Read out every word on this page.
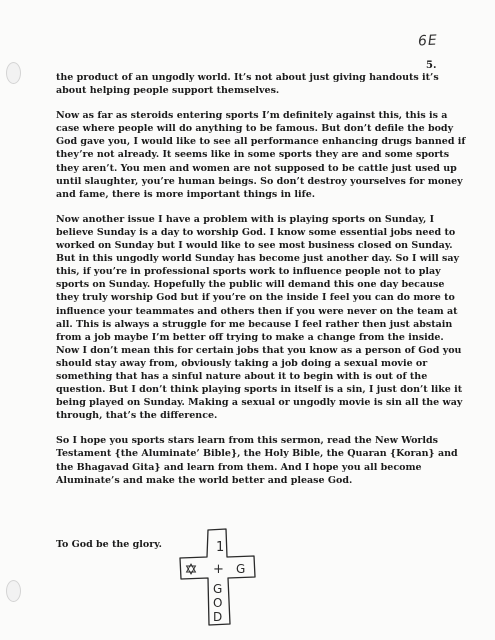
6E
5.

the product of an ungodly world. It’s not about just giving handouts it’s about helping people support themselves.

Now as far as steroids entering sports I’m definitely against this, this is a case where people will do anything to be famous. But don’t defile the body God gave you, I would like to see all performance enhancing drugs banned if they’re not already. It seems like in some sports they are and some sports they aren’t. You men and women are not supposed to be cattle just used up until slaughter, you’re human beings. So don’t destroy yourselves for money and fame, there is more important things in life.

Now another issue I have a problem with is playing sports on Sunday, I believe Sunday is a day to worship God. I know some essential jobs need to worked on Sunday but I would like to see most business closed on Sunday. But in this ungodly world Sunday has become just another day. So I will say this, if you’re in professional sports work to influence people not to play sports on Sunday. Hopefully the public will demand this one day because they truly worship God but if you’re on the inside I feel you can do more to influence your teammates and others then if you were never on the team at all. This is always a struggle for me because I feel rather then just abstain from a job maybe I’m better off trying to make a change from the inside. Now I don’t mean this for certain jobs that you know as a person of God you should stay away from, obviously taking a job doing a sexual movie or something that has a sinful nature about it to begin with is out of the question. But I don’t think playing sports in itself is a sin, I just don’t like it being played on Sunday. Making a sexual or ungodly movie is sin all the way through, that’s the difference.

So I hope you sports stars learn from this sermon, read the New Worlds Testament {the Aluminate’ Bible}, the Holy Bible, the Quaran {Koran} and the Bhagavad Gita} and learn from them. And I hope you all become Aluminate’s and make the world better and please God.

To God be the glory.	1
+ G
G
O
D
